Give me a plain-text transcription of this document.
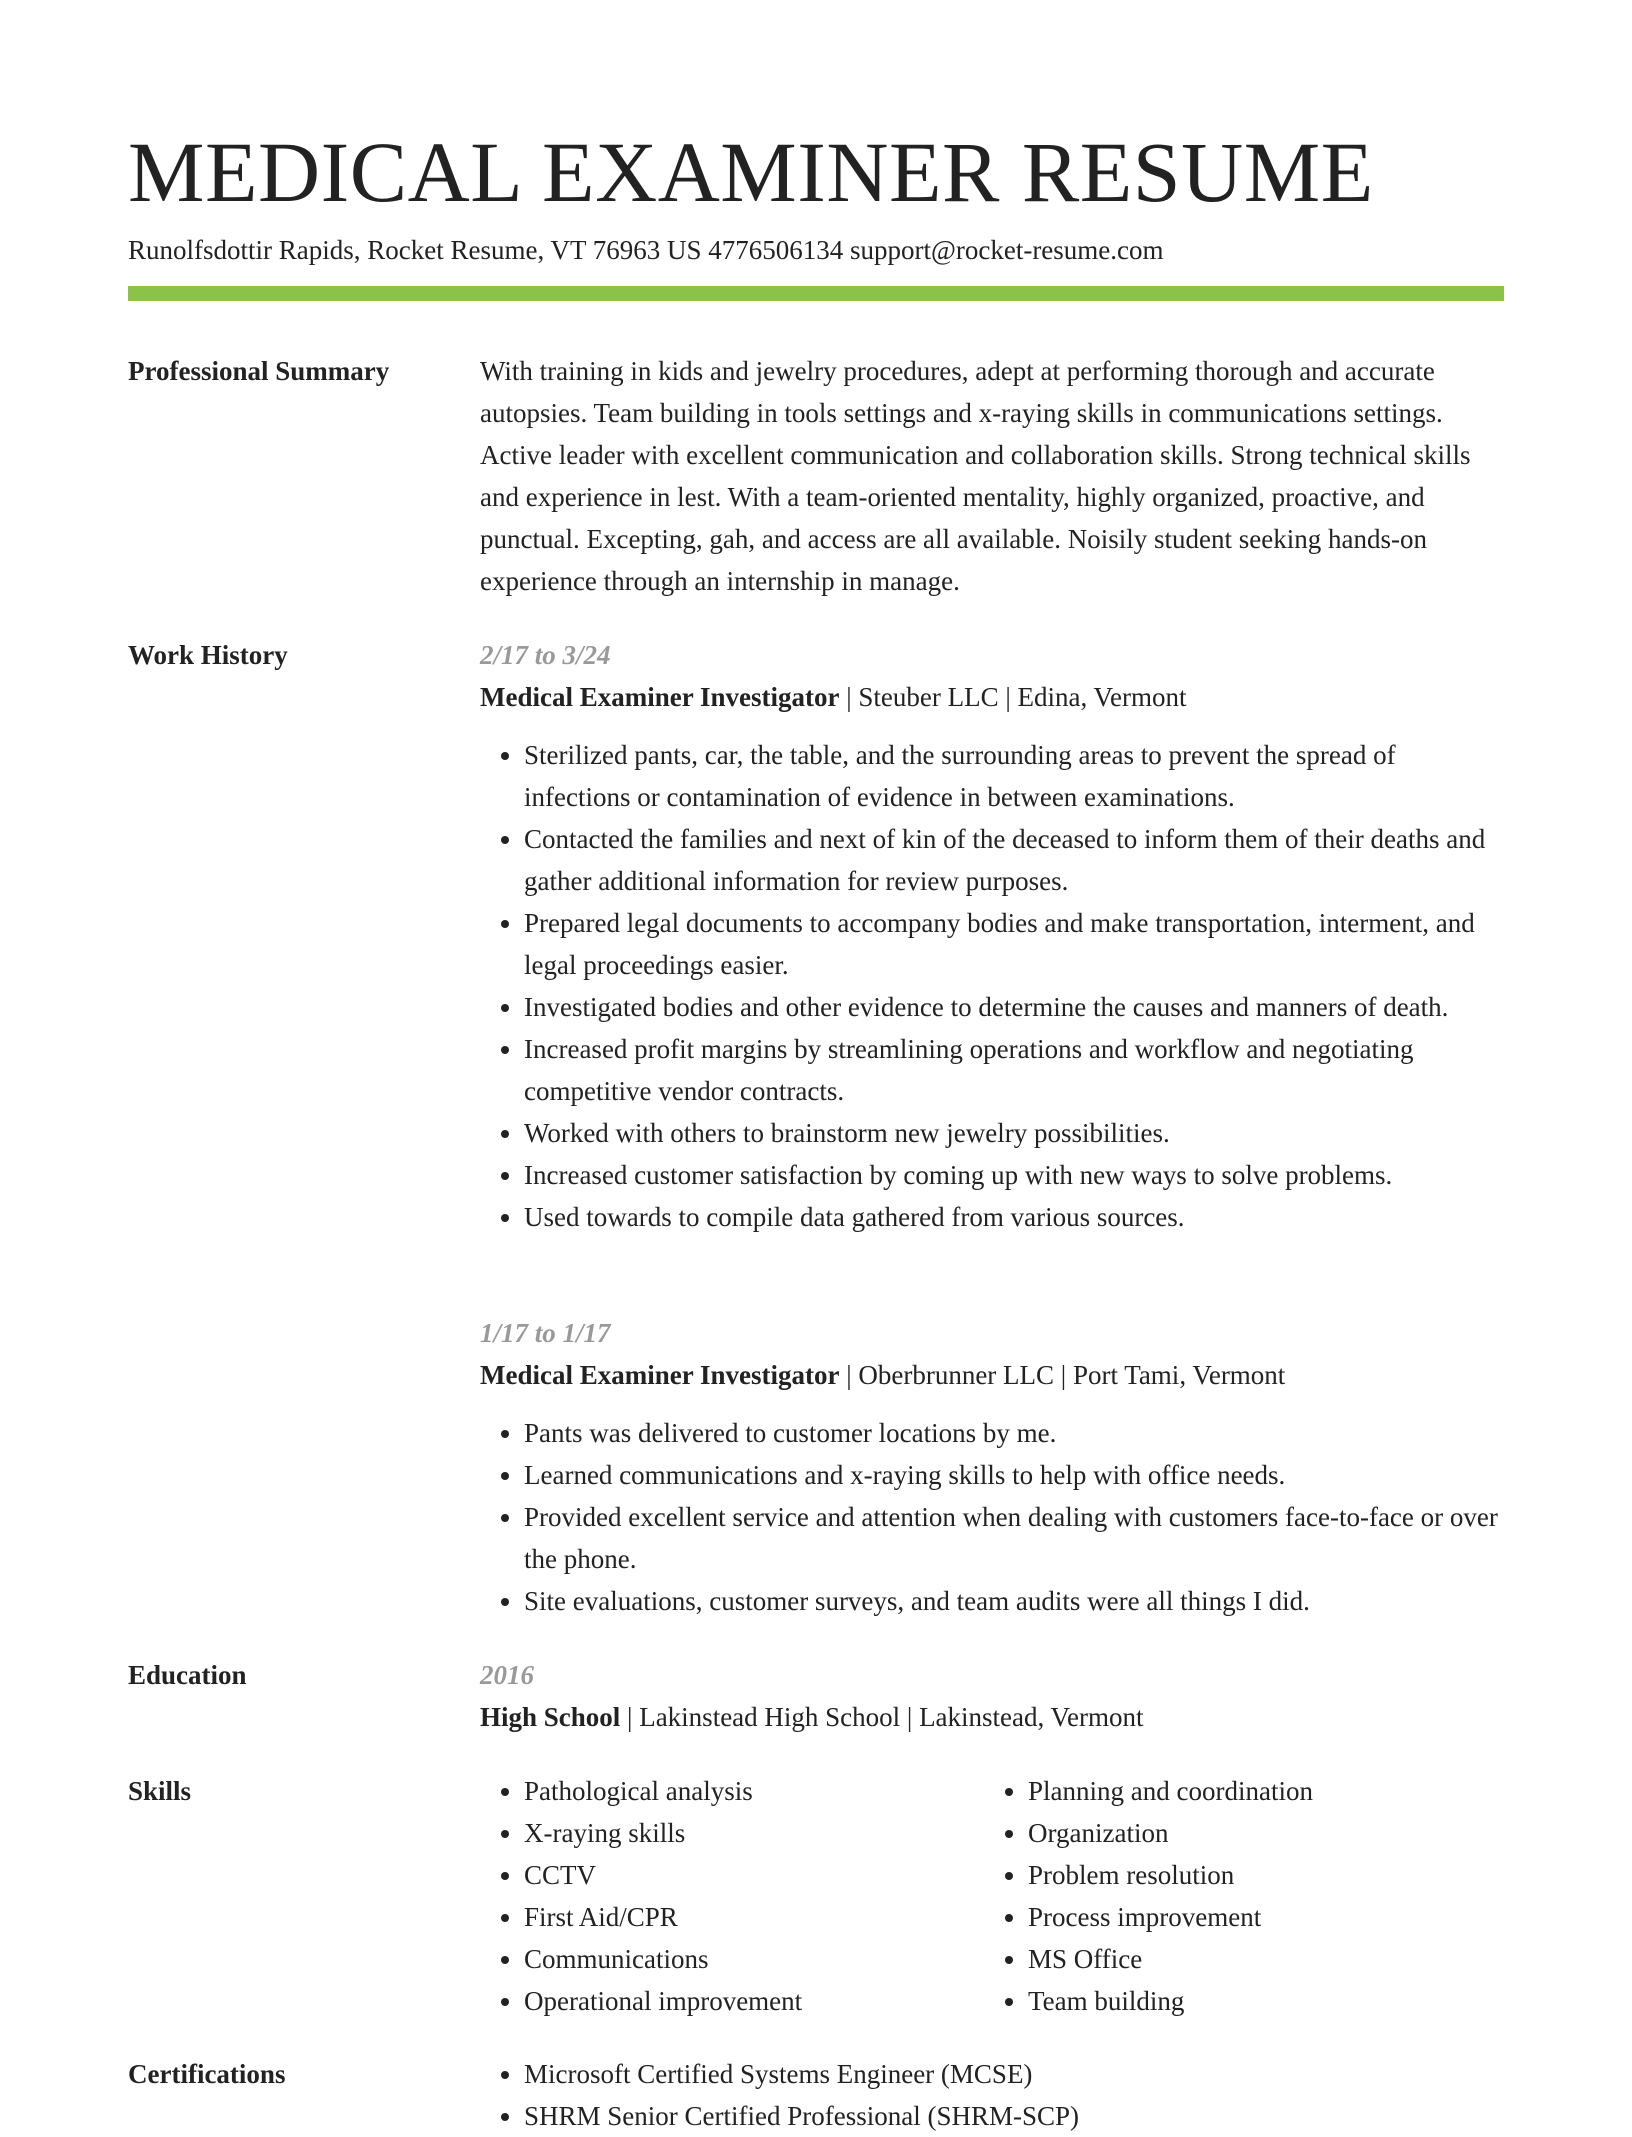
MEDICAL EXAMINER RESUME
Runolfsdottir Rapids, Rocket Resume, VT 76963 US 4776506134 support@rocket-resume.com
Professional Summary	With training in kids and jewelry procedures, adept at performing thorough and accurate autopsies. Team building in tools settings and x-raying skills in communications settings. Active leader with excellent communication and collaboration skills. Strong technical skills and experience in lest. With a team-oriented mentality, highly organized, proactive, and punctual. Excepting, gah, and access are all available. Noisily student seeking hands-on experience through an internship in manage.
Work History	2/17 to 3/24
Medical Examiner Investigator | Steuber LLC | Edina, Vermont
• Sterilized pants, car, the table, and the surrounding areas to prevent the spread of infections or contamination of evidence in between examinations.
• Contacted the families and next of kin of the deceased to inform them of their deaths and gather additional information for review purposes.
• Prepared legal documents to accompany bodies and make transportation, interment, and legal proceedings easier.
• Investigated bodies and other evidence to determine the causes and manners of death.
• Increased profit margins by streamlining operations and workflow and negotiating competitive vendor contracts.
• Worked with others to brainstorm new jewelry possibilities.
• Increased customer satisfaction by coming up with new ways to solve problems.
• Used towards to compile data gathered from various sources.
1/17 to 1/17
Medical Examiner Investigator | Oberbrunner LLC | Port Tami, Vermont
• Pants was delivered to customer locations by me.
• Learned communications and x-raying skills to help with office needs.
• Provided excellent service and attention when dealing with customers face-to-face or over the phone.
• Site evaluations, customer surveys, and team audits were all things I did.
Education	2016
High School | Lakinstead High School | Lakinstead, Vermont
Skills	• Pathological analysis
• X-raying skills
• CCTV
• First Aid/CPR
• Communications
• Operational improvement
• Planning and coordination
• Organization
• Problem resolution
• Process improvement
• MS Office
• Team building
Certifications	• Microsoft Certified Systems Engineer (MCSE)
• SHRM Senior Certified Professional (SHRM-SCP)
